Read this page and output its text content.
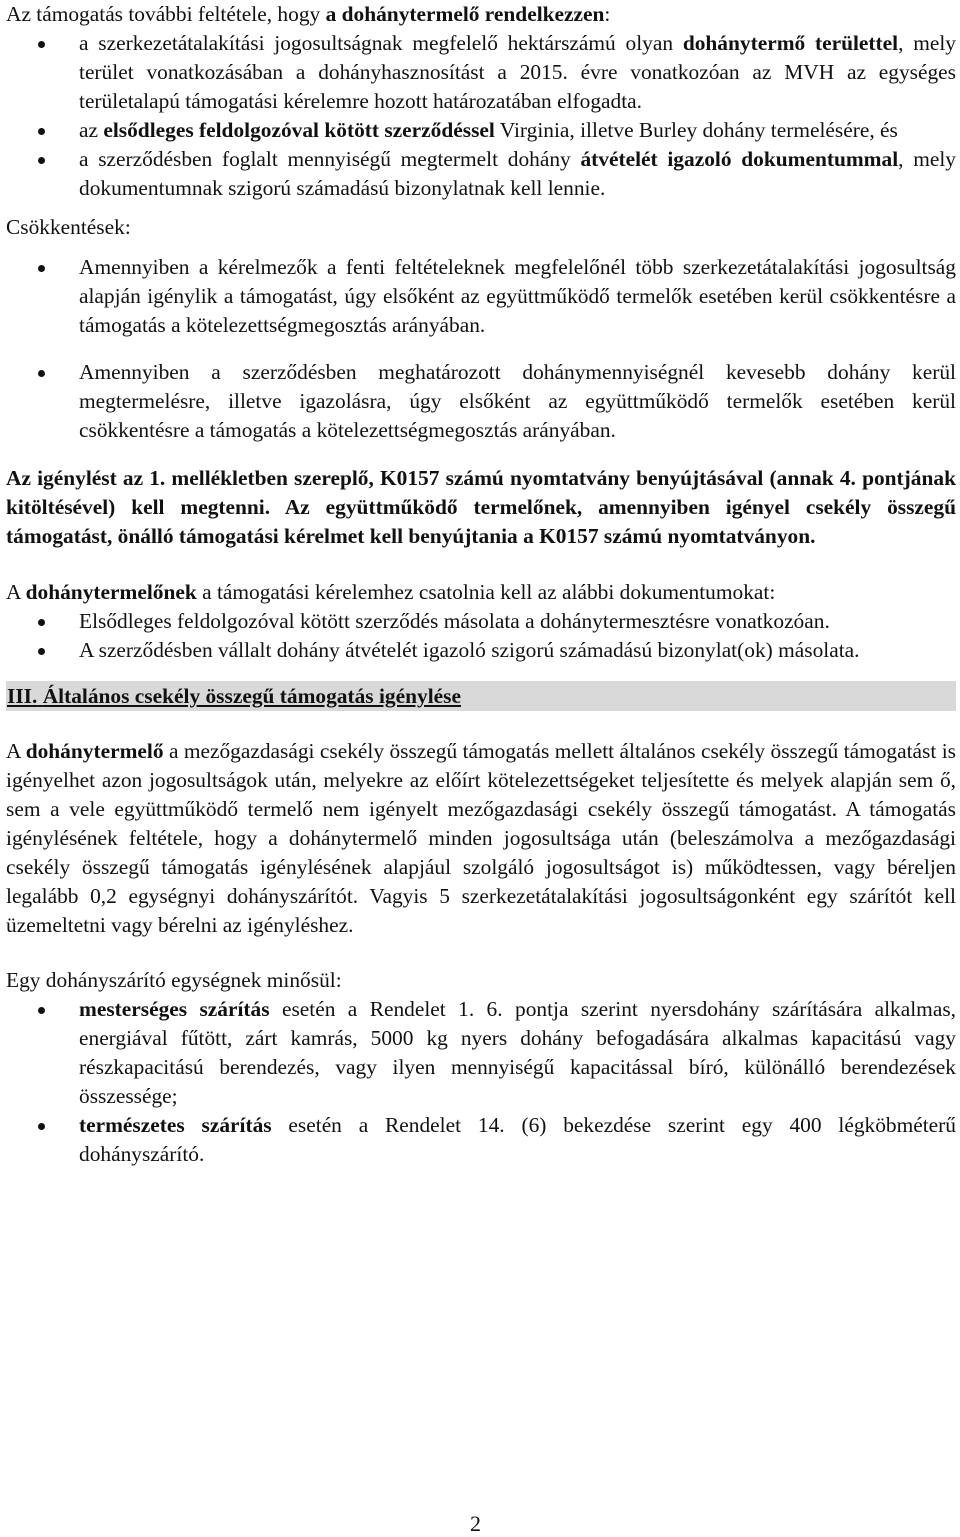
Az támogatás további feltétele, hogy a dohánytermelő rendelkezzen:

a szerkezetátalakítási jogosultságnak megfelelő hektárszámú olyan dohánytermő területtel, mely terület vonatkozásában a dohányhasznosítást a 2015. évre vonatkozóan az MVH az egységes területalapú támogatási kérelemre hozott határozatában elfogadta.
az elsődleges feldolgozóval kötött szerződéssel Virginia, illetve Burley dohány termelésére, és
a szerződésben foglalt mennyiségű megtermelt dohány átvételét igazoló dokumentummal, mely dokumentumnak szigorú számadású bizonylatnak kell lennie.

Csökkentések:

Amennyiben a kérelmezők a fenti feltételeknek megfelelőnél több szerkezetátalakítási jogosultság alapján igénylik a támogatást, úgy elsőként az együttműködő termelők esetében kerül csökkentésre a támogatás a kötelezettségmegosztás arányában.
Amennyiben a szerződésben meghatározott dohánymennyiségnél kevesebb dohány kerül megtermelésre, illetve igazolásra, úgy elsőként az együttműködő termelők esetében kerül csökkentésre a támogatás a kötelezettségmegosztás arányában.

Az igénylést az 1. mellékletben szereplő, K0157 számú nyomtatvány benyújtásával (annak 4. pontjának kitöltésével) kell megtenni. Az együttműködő termelőnek, amennyiben igényel csekély összegű támogatást, önálló támogatási kérelmet kell benyújtania a K0157 számú nyomtatványon.

A dohánytermelőnek a támogatási kérelemhez csatolnia kell az alábbi dokumentumokat:

Elsődleges feldolgozóval kötött szerződés másolata a dohánytermesztésre vonatkozóan.
A szerződésben vállalt dohány átvételét igazoló szigorú számadású bizonylat(ok) másolata.
III. Általános csekély összegű támogatás igénylése

A dohánytermelő a mezőgazdasági csekély összegű támogatás mellett általános csekély összegű támogatást is igényelhet azon jogosultságok után, melyekre az előírt kötelezettségeket teljesítette és melyek alapján sem ő, sem a vele együttműködő termelő nem igényelt mezőgazdasági csekély összegű támogatást. A támogatás igénylésének feltétele, hogy a dohánytermelő minden jogosultsága után (beleszámolva a mezőgazdasági csekély összegű támogatás igénylésének alapjául szolgáló jogosultságot is) működtessen, vagy béreljen legalább 0,2 egységnyi dohányszárítót. Vagyis 5 szerkezetátalakítási jogosultságonként egy szárítót kell üzemeltetni vagy bérelni az igényléshez.

Egy dohányszárító egységnek minősül:

mesterséges szárítás esetén a Rendelet 1. 6. pontja szerint nyersdohány szárítására alkalmas, energiával fűtött, zárt kamrás, 5000 kg nyers dohány befogadására alkalmas kapacitású vagy részkapacitású berendezés, vagy ilyen mennyiségű kapacitással bíró, különálló berendezések összessége;
természetes szárítás esetén a Rendelet 14. (6) bekezdése szerint egy 400 légköbméterű dohányszárító.
2
